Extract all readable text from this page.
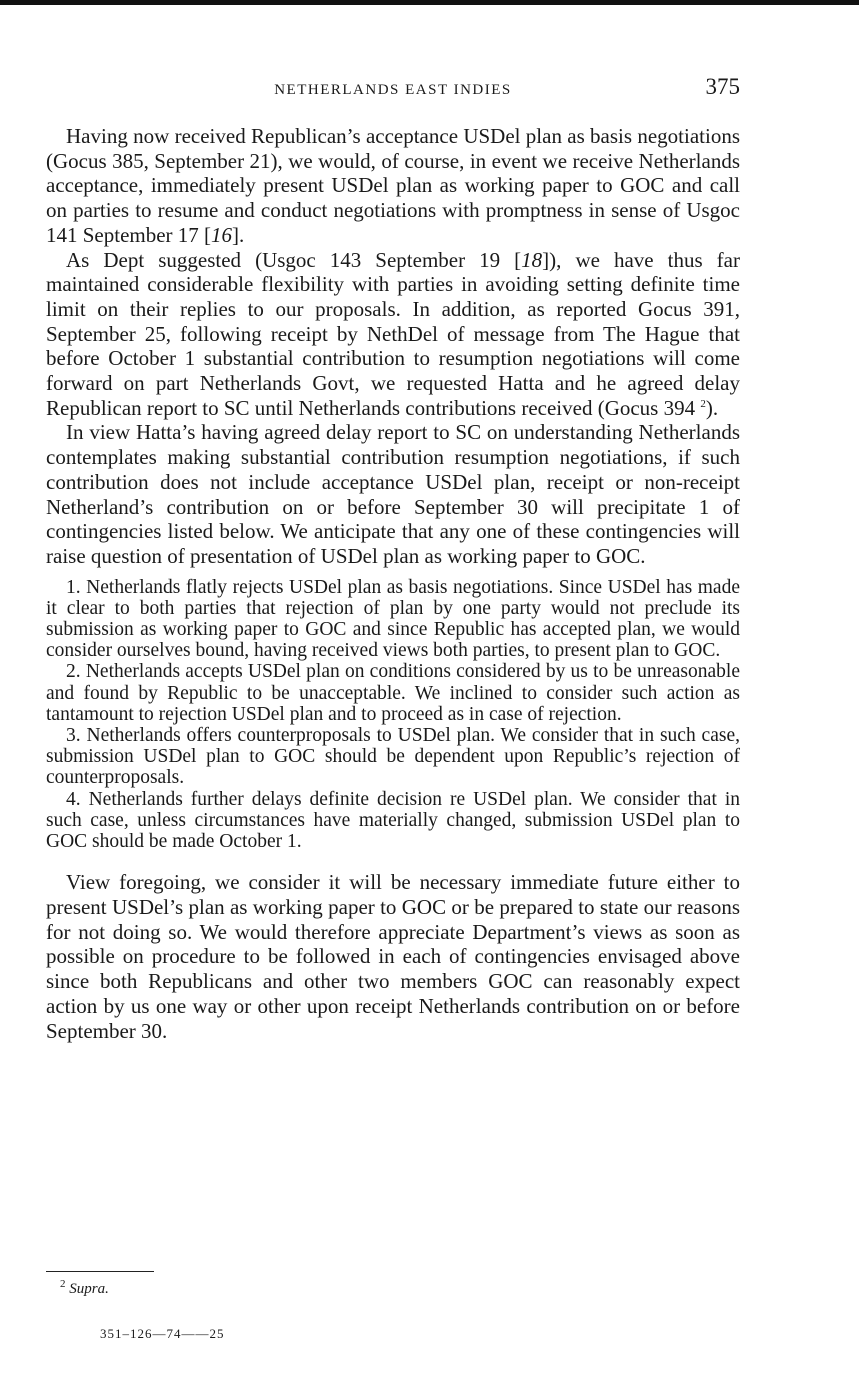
NETHERLANDS EAST INDIES	375

Having now received Republican’s acceptance USDel plan as basis negotiations (Gocus 385, September 21), we would, of course, in event we receive Netherlands acceptance, immediately present USDel plan as working paper to GOC and call on parties to resume and conduct negotiations with promptness in sense of Usgoc 141 September 17 [16].

As Dept suggested (Usgoc 143 September 19 [18]), we have thus far maintained considerable flexibility with parties in avoiding setting definite time limit on their replies to our proposals. In addition, as reported Gocus 391, September 25, following receipt by NethDel of message from The Hague that before October 1 substantial contribution to resumption negotiations will come forward on part Netherlands Govt, we requested Hatta and he agreed delay Republican report to SC until Netherlands contributions received (Gocus 394 $^2$).

In view Hatta’s having agreed delay report to SC on understanding Netherlands contemplates making substantial contribution resumption negotiations, if such contribution does not include acceptance USDel plan, receipt or non-receipt Netherland’s contribution on or before September 30 will precipitate 1 of contingencies listed below. We anticipate that any one of these contingencies will raise question of presentation of USDel plan as working paper to GOC.

1. Netherlands flatly rejects USDel plan as basis negotiations. Since USDel has made it clear to both parties that rejection of plan by one party would not preclude its submission as working paper to GOC and since Republic has accepted plan, we would consider ourselves bound, having received views both parties, to present plan to GOC.

2. Netherlands accepts USDel plan on conditions considered by us to be unreasonable and found by Republic to be unacceptable. We inclined to consider such action as tantamount to rejection USDel plan and to proceed as in case of rejection.

3. Netherlands offers counterproposals to USDel plan. We consider that in such case, submission USDel plan to GOC should be dependent upon Republic’s rejection of counterproposals.

4. Netherlands further delays definite decision re USDel plan. We consider that in such case, unless circumstances have materially changed, submission USDel plan to GOC should be made October 1.

View foregoing, we consider it will be necessary immediate future either to present USDel’s plan as working paper to GOC or be prepared to state our reasons for not doing so. We would therefore appreciate Department’s views as soon as possible on procedure to be followed in each of contingencies envisaged above since both Republicans and other two members GOC can reasonably expect action by us one way or other upon receipt Netherlands contribution on or before September 30.

$^2$ Supra.
351–126—74——25
